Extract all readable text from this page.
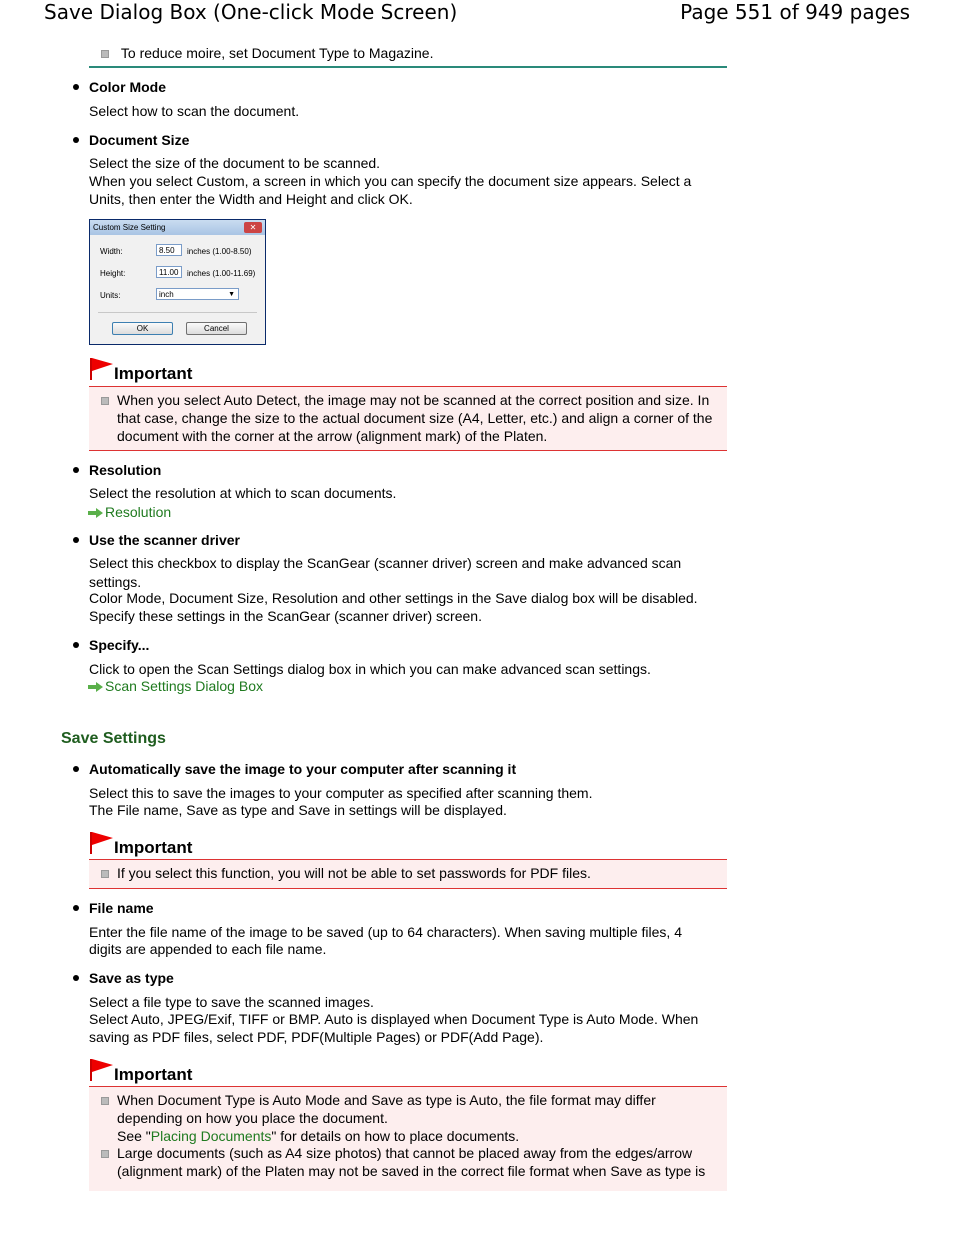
Save Dialog Box (One-click Mode Screen)	Page 551 of 949 pages
To reduce moire, set Document Type to Magazine.
Color Mode
Select how to scan the document.
Document Size
Select the size of the document to be scanned.
When you select Custom, a screen in which you can specify the document size appears. Select a
Units, then enter the Width and Height and click OK.
Custom Size Setting	✕
Width:	8.50	inches (1.00-8.50)
Height:	11.00	inches (1.00-11.69)
Units:	inch	▼
OK	Cancel
Important
When you select Auto Detect, the image may not be scanned at the correct position and size. In
that case, change the size to the actual document size (A4, Letter, etc.) and align a corner of the
document with the corner at the arrow (alignment mark) of the Platen.
Resolution
Select the resolution at which to scan documents.
Resolution
Use the scanner driver
Select this checkbox to display the ScanGear (scanner driver) screen and make advanced scan
settings.
Color Mode, Document Size, Resolution and other settings in the Save dialog box will be disabled.
Specify these settings in the ScanGear (scanner driver) screen.
Specify...
Click to open the Scan Settings dialog box in which you can make advanced scan settings.
Scan Settings Dialog Box
Save Settings
Automatically save the image to your computer after scanning it
Select this to save the images to your computer as specified after scanning them.
The File name, Save as type and Save in settings will be displayed.
Important
If you select this function, you will not be able to set passwords for PDF files.
File name
Enter the file name of the image to be saved (up to 64 characters). When saving multiple files, 4
digits are appended to each file name.
Save as type
Select a file type to save the scanned images.
Select Auto, JPEG/Exif, TIFF or BMP. Auto is displayed when Document Type is Auto Mode. When
saving as PDF files, select PDF, PDF(Multiple Pages) or PDF(Add Page).
Important
When Document Type is Auto Mode and Save as type is Auto, the file format may differ
depending on how you place the document.
See "Placing Documents" for details on how to place documents.
Large documents (such as A4 size photos) that cannot be placed away from the edges/arrow
(alignment mark) of the Platen may not be saved in the correct file format when Save as type is
